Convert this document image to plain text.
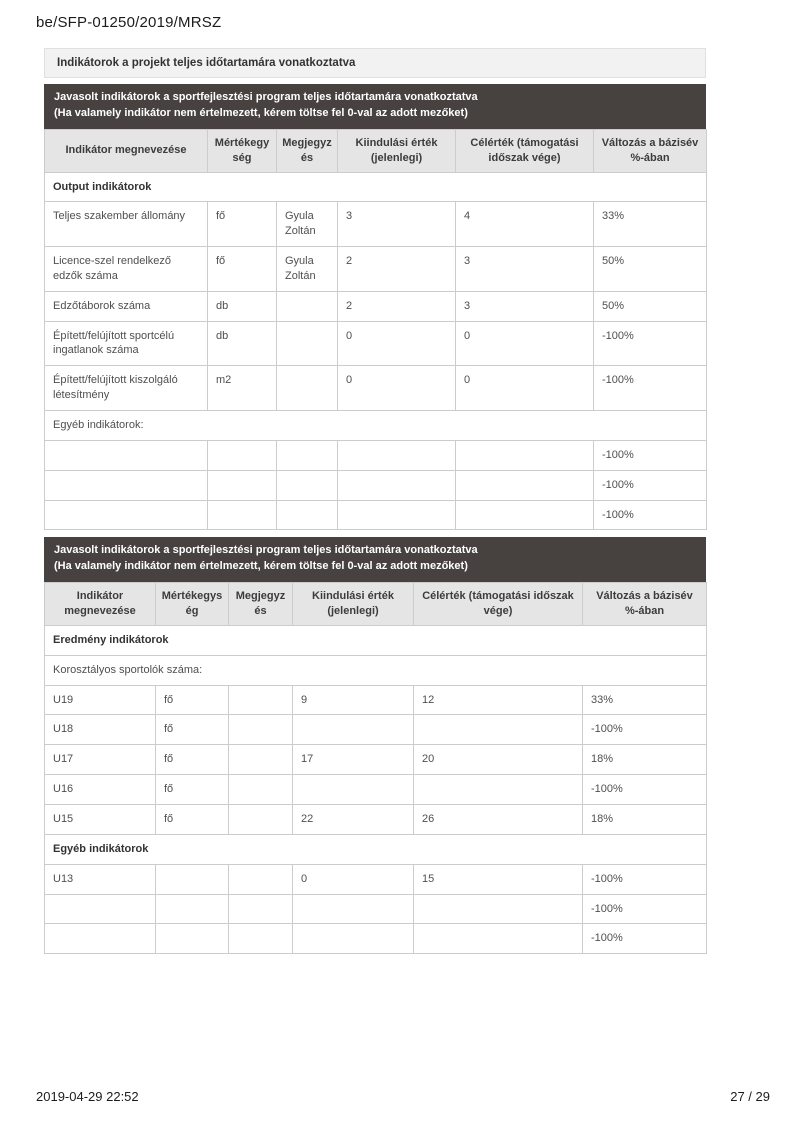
be/SFP-01250/2019/MRSZ
Indikátorok a projekt teljes időtartamára vonatkoztatva
Javasolt indikátorok a sportfejlesztési program teljes időtartamára vonatkoztatva
(Ha valamely indikátor nem értelmezett, kérem töltse fel 0-val az adott mezőket)
Indikátor megnevezése	Mértékegység	Megjegyzés	Kiindulási érték (jelenlegi)	Célérték (támogatási időszak vége)	Változás a bázisév %-ában
Output indikátorok					
Teljes szakember állomány	fő	Gyula Zoltán	3	4	33%
Licence-szel rendelkező edzők száma	fő	Gyula Zoltán	2	3	50%
Edzőtáborok száma	db		2	3	50%
Épített/felújított sportcélú ingatlanok száma	db		0	0	-100%
Épített/felújított kiszolgáló létesítmény	m2		0	0	-100%
Egyéb indikátorok:					
					-100%
					-100%
					-100%
Javasolt indikátorok a sportfejlesztési program teljes időtartamára vonatkoztatva
(Ha valamely indikátor nem értelmezett, kérem töltse fel 0-val az adott mezőket)
Indikátor megnevezése	Mértékegység	Megjegyzés	Kiindulási érték (jelenlegi)	Célérték (támogatási időszak vége)	Változás a bázisév %-ában
Eredmény indikátorok					
Korosztályos sportolók száma:					
U19	fő		9	12	33%
U18	fő				-100%
U17	fő		17	20	18%
U16	fő				-100%
U15	fő		22	26	18%
Egyéb indikátorok					
U13			0	15	-100%
					-100%
					-100%
2019-04-29 22:52	27 / 29
